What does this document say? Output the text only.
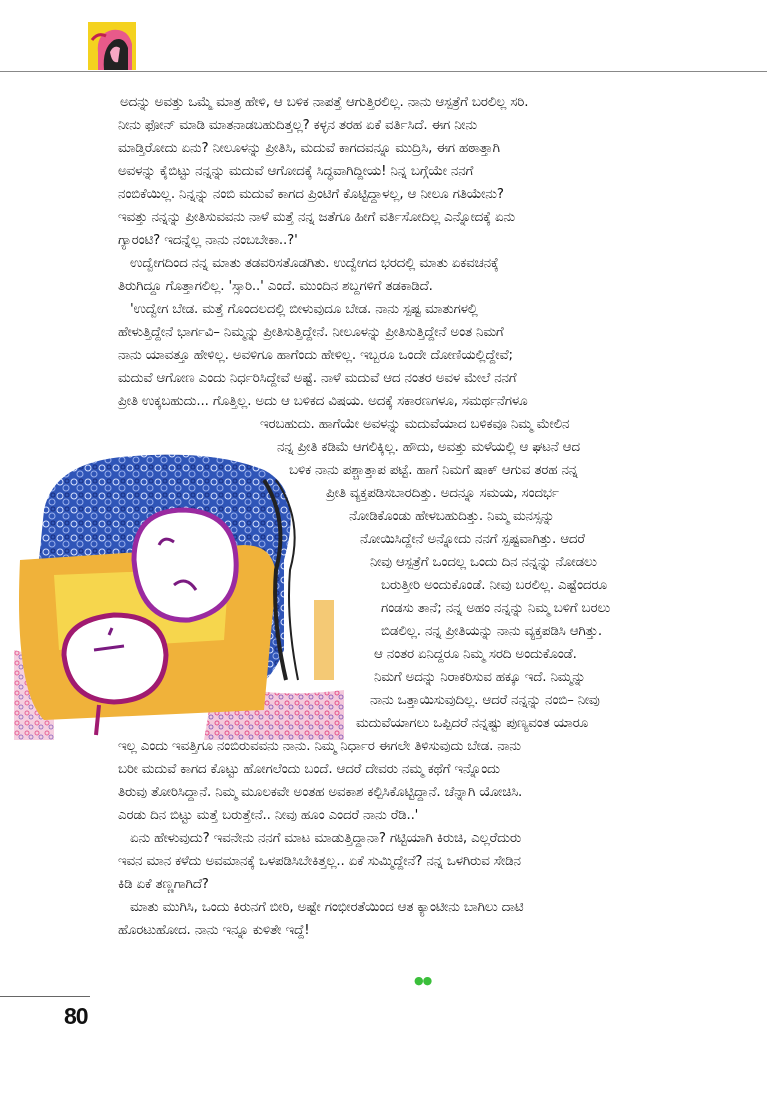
ಅದನ್ನು ಅವತ್ತು ಒಮ್ಮೆ ಮಾತ್ರ ಹೇಳಿ, ಆ ಬಳಿಕ ನಾಪತ್ತೆ ಆಗುತ್ತಿರಲಿಲ್ಲ. ನಾನು ಆಸ್ಪತ್ರೆಗೆ ಬರಲಿಲ್ಲ ಸರಿ.
ನೀನು ಫೋನ್ ಮಾಡಿ ಮಾತನಾಡಬಹುದಿತ್ತಲ್ಲ? ಕಳ್ಳನ ತರಹ ಏಕೆ ವರ್ತಿಸಿದೆ. ಈಗ ನೀನು
ಮಾಡ್ತಿರೋದು ಏನು? ನೀಲೂಳನ್ನು ಪ್ರೀತಿಸಿ, ಮದುವೆ ಕಾಗದವನ್ನೂ ಮುದ್ರಿಸಿ, ಈಗ ಹಠಾತ್ತಾಗಿ
ಅವಳನ್ನು ಕೈಬಿಟ್ಟು ನನ್ನನ್ನು ಮದುವೆ ಆಗೋದಕ್ಕೆ ಸಿದ್ಧವಾಗಿದ್ದೀಯ! ನಿನ್ನ ಬಗ್ಗೆಯೇ ನನಗೆ
ನಂಬಿಕೆಯಿಲ್ಲ. ನಿನ್ನನ್ನು ನಂಬಿ ಮದುವೆ ಕಾಗದ ಪ್ರಿಂಟಿಗೆ ಕೊಟ್ಟಿದ್ದಾಳಲ್ಲ, ಆ ನೀಲೂ ಗತಿಯೇನು?
ಇವತ್ತು ನನ್ನನ್ನು ಪ್ರೀತಿಸುವವನು ನಾಳೆ ಮತ್ತೆ ನನ್ನ ಜತೆಗೂ ಹೀಗೆ ವರ್ತಿಸೋದಿಲ್ಲ ಎನ್ನೋದಕ್ಕೆ ಏನು
ಗ್ಯಾರಂಟಿ? ಇದನ್ನೆಲ್ಲ ನಾನು ನಂಬಬೇಕಾ..?'
ಉದ್ವೇಗದಿಂದ ನನ್ನ ಮಾತು ತಡವರಿಸತೊಡಗಿತು. ಉದ್ವೇಗದ ಭರದಲ್ಲಿ ಮಾತು ಏಕವಚನಕ್ಕೆ
ತಿರುಗಿದ್ದೂ ಗೊತ್ತಾಗಲಿಲ್ಲ. 'ಸ್ಸಾರಿ..' ಎಂದೆ. ಮುಂದಿನ ಶಬ್ದಗಳಿಗೆ ತಡಕಾಡಿದೆ.
'ಉದ್ವೇಗ ಬೇಡ. ಮತ್ತೆ ಗೊಂದಲದಲ್ಲಿ ಬೀಳುವುದೂ ಬೇಡ. ನಾನು ಸ್ಪಷ್ಟ ಮಾತುಗಳಲ್ಲಿ
ಹೇಳುತ್ತಿದ್ದೇನೆ ಭಾರ್ಗವಿ– ನಿಮ್ಮನ್ನು ಪ್ರೀತಿಸುತ್ತಿದ್ದೇನೆ. ನೀಲೂಳನ್ನು ಪ್ರೀತಿಸುತ್ತಿದ್ದೇನೆ ಅಂತ ನಿಮಗೆ
ನಾನು ಯಾವತ್ತೂ ಹೇಳಿಲ್ಲ. ಅವಳಿಗೂ ಹಾಗೆಂದು ಹೇಳಿಲ್ಲ. ಇಬ್ಬರೂ ಒಂದೇ ದೋಣಿಯಲ್ಲಿದ್ದೇವೆ;
ಮದುವೆ ಆಗೋಣ ಎಂದು ನಿರ್ಧರಿಸಿದ್ದೇವೆ ಅಷ್ಟೆ. ನಾಳೆ ಮದುವೆ ಆದ ನಂತರ ಅವಳ ಮೇಲೆ ನನಗೆ
ಪ್ರೀತಿ ಉಕ್ಕಬಹುದು... ಗೊತ್ತಿಲ್ಲ. ಅದು ಆ ಬಳಿಕದ ವಿಷಯ. ಅದಕ್ಕೆ ಸಕಾರಣಗಳೂ, ಸಮರ್ಥನೆಗಳೂ
ಇರಬಹುದು. ಹಾಗೆಯೇ ಅವಳನ್ನು ಮದುವೆಯಾದ ಬಳಿಕವೂ ನಿಮ್ಮ ಮೇಲಿನ
ನನ್ನ ಪ್ರೀತಿ ಕಡಿಮೆ ಆಗಲಿಕ್ಕಿಲ್ಲ. ಹೌದು, ಅವತ್ತು ಮಳೆಯಲ್ಲಿ ಆ ಘಟನೆ ಆದ
ಬಳಿಕ ನಾನು ಪಶ್ಚಾತ್ತಾಪ ಪಟ್ಟೆ. ಹಾಗೆ ನಿಮಗೆ ಷಾಕ್ ಆಗುವ ತರಹ ನನ್ನ
ಪ್ರೀತಿ ವ್ಯಕ್ತಪಡಿಸಬಾರದಿತ್ತು. ಅದನ್ನೂ ಸಮಯ, ಸಂದರ್ಭ
ನೋಡಿಕೊಂಡು ಹೇಳಬಹುದಿತ್ತು. ನಿಮ್ಮ ಮನಸ್ಸನ್ನು
ನೋಯಿಸಿದ್ದೇನೆ ಅನ್ನೋದು ನನಗೆ ಸ್ಪಷ್ಟವಾಗಿತ್ತು. ಆದರೆ
ನೀವು ಆಸ್ಪತ್ರೆಗೆ ಒಂದಲ್ಲ ಒಂದು ದಿನ ನನ್ನನ್ನು ನೋಡಲು
ಬರುತ್ತೀರಿ ಅಂದುಕೊಂಡೆ. ನೀವು ಬರಲಿಲ್ಲ. ಎಷ್ಟೆಂದರೂ
ಗಂಡಸು ತಾನೆ; ನನ್ನ ಅಹಂ ನನ್ನನ್ನು ನಿಮ್ಮ ಬಳಿಗೆ ಬರಲು
ಬಿಡಲಿಲ್ಲ. ನನ್ನ ಪ್ರೀತಿಯನ್ನು ನಾನು ವ್ಯಕ್ತಪಡಿಸಿ ಆಗಿತ್ತು.
ಆ ನಂತರ ಏನಿದ್ದರೂ ನಿಮ್ಮ ಸರದಿ ಅಂದುಕೊಂಡೆ.
ನಿಮಗೆ ಅದನ್ನು ನಿರಾಕರಿಸುವ ಹಕ್ಕೂ ಇದೆ. ನಿಮ್ಮನ್ನು
ನಾನು ಒತ್ತಾಯಿಸುವುದಿಲ್ಲ. ಆದರೆ ನನ್ನನ್ನು ನಂಬಿ– ನೀವು
ಮದುವೆಯಾಗಲು ಒಪ್ಪಿದರೆ ನನ್ನಷ್ಟು ಪುಣ್ಯವಂತ ಯಾರೂ
ಇಲ್ಲ ಎಂದು ಇವತ್ತಿಗೂ ನಂಬಿರುವವನು ನಾನು. ನಿಮ್ಮ ನಿರ್ಧಾರ ಈಗಲೇ ತಿಳಿಸುವುದು ಬೇಡ. ನಾನು
ಬರೀ ಮದುವೆ ಕಾಗದ ಕೊಟ್ಟು ಹೋಗಲೆಂದು ಬಂದೆ. ಆದರೆ ದೇವರು ನಮ್ಮ ಕಥೆಗೆ ಇನ್ನೊಂದು
ತಿರುವು ತೋರಿಸಿದ್ದಾನೆ. ನಿಮ್ಮ ಮೂಲಕವೇ ಅಂತಹ ಅವಕಾಶ ಕಲ್ಪಿಸಿಕೊಟ್ಟಿದ್ದಾನೆ. ಚೆನ್ನಾಗಿ ಯೋಚಿಸಿ.
ಎರಡು ದಿನ ಬಿಟ್ಟು ಮತ್ತೆ ಬರುತ್ತೇನೆ.. ನೀವು ಹೂಂ ಎಂದರೆ ನಾನು ರೆಡಿ..'
ಏನು ಹೇಳುವುದು? ಇವನೇನು ನನಗೆ ಮಾಟ ಮಾಡುತ್ತಿದ್ದಾನಾ? ಗಟ್ಟಿಯಾಗಿ ಕಿರುಚಿ, ಎಲ್ಲರೆದುರು
ಇವನ ಮಾನ ಕಳೆದು ಅವಮಾನಕ್ಕೆ ಒಳಪಡಿಸಿಬೇಕಿತ್ತಲ್ಲ.. ಏಕೆ ಸುಮ್ಮಿದ್ದೇನೆ? ನನ್ನ ಒಳಗಿರುವ ಸೇಡಿನ
ಕಿಡಿ ಏಕೆ ತಣ್ಣಗಾಗಿದೆ?
ಮಾತು ಮುಗಿಸಿ, ಒಂದು ಕಿರುನಗೆ ಬೀರಿ, ಅಷ್ಟೇ ಗಂಭೀರತೆಯಿಂದ ಆತ ಕ್ಯಾಂಟೀನು ಬಾಗಿಲು ದಾಟಿ
ಹೊರಟುಹೋದ. ನಾನು ಇನ್ನೂ ಕುಳಿತೇ ಇದ್ದೆ!
●●
80
